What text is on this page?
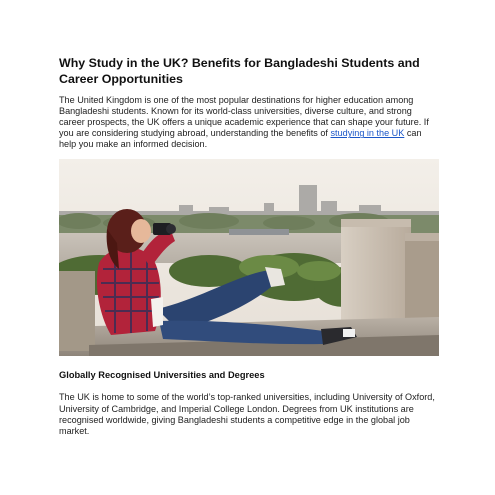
Why Study in the UK? Benefits for Bangladeshi Students and Career Opportunities

The United Kingdom is one of the most popular destinations for higher education among Bangladeshi students. Known for its world-class universities, diverse culture, and strong career prospects, the UK offers a unique academic experience that can shape your future. If you are considering studying abroad, understanding the benefits of studying in the UK can help you make an informed decision.

Globally Recognised Universities and Degrees

The UK is home to some of the world’s top-ranked universities, including University of Oxford, University of Cambridge, and Imperial College London. Degrees from UK institutions are recognised worldwide, giving Bangladeshi students a competitive edge in the global job market.
